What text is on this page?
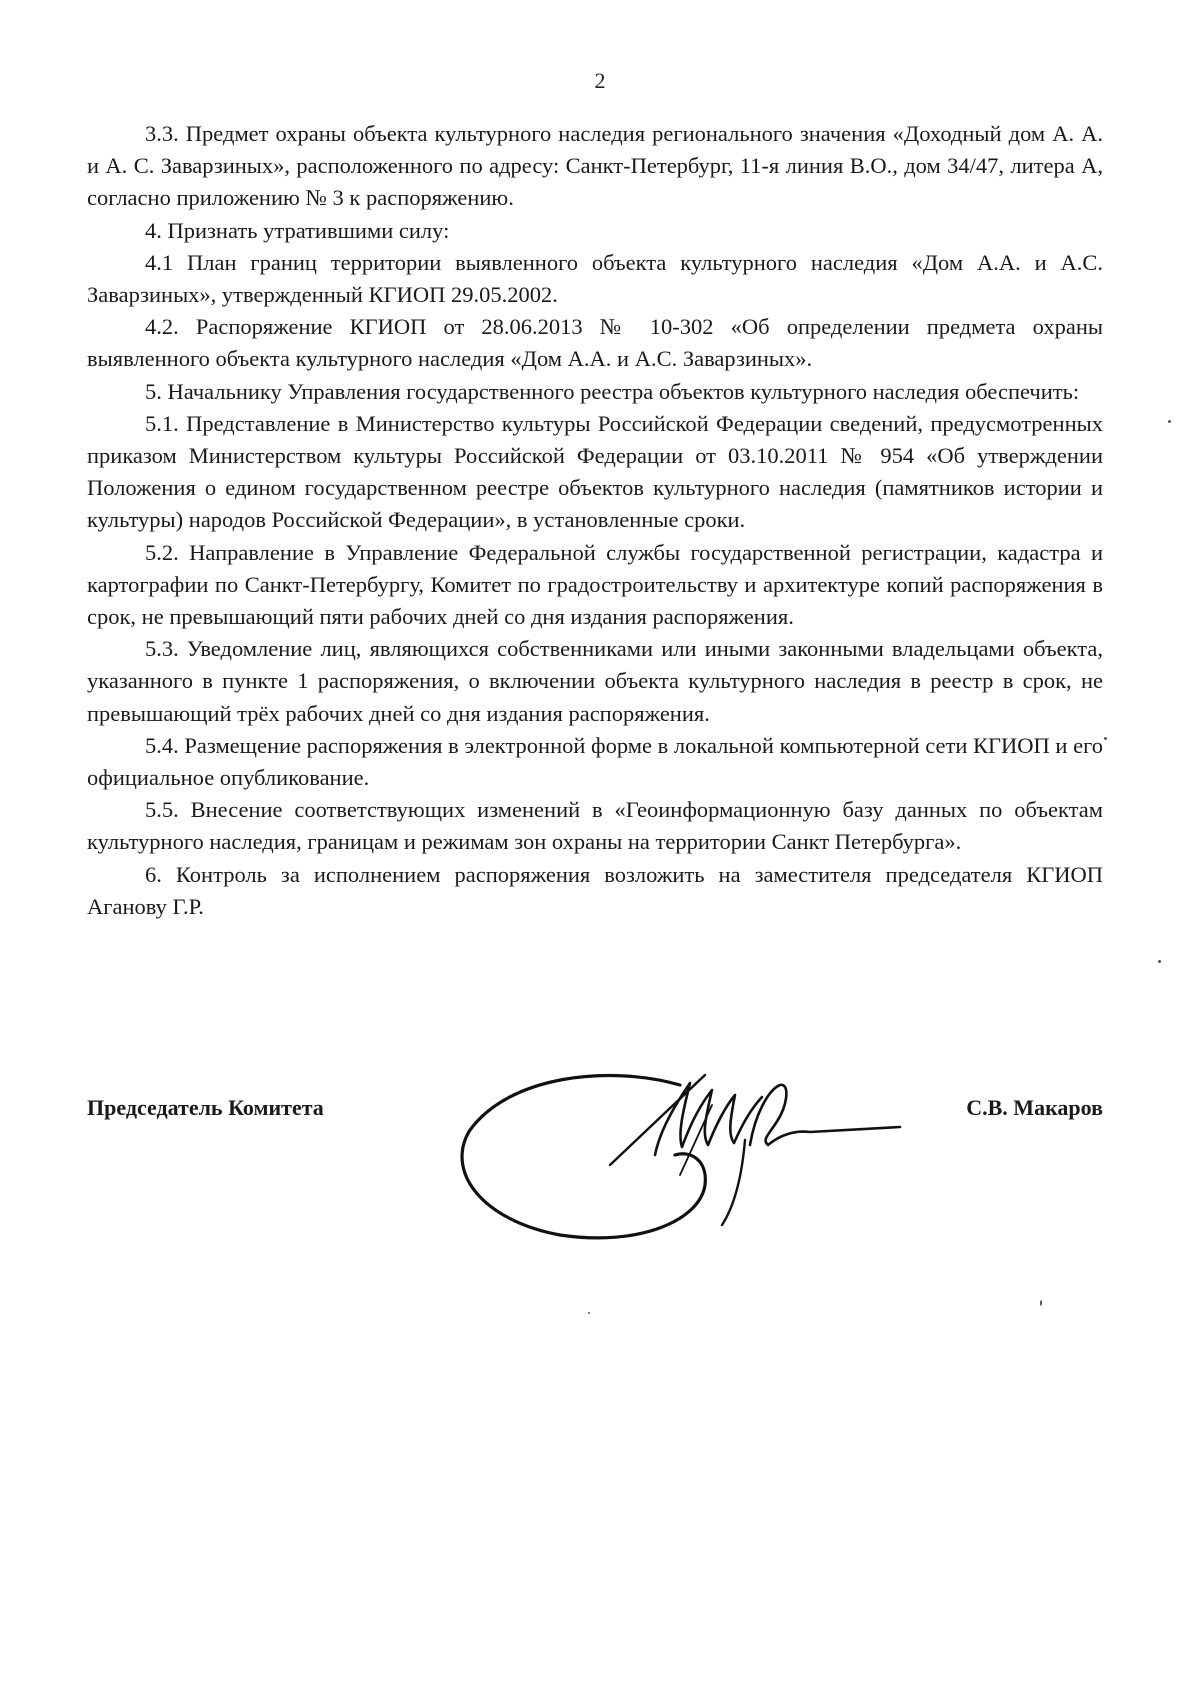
2

3.3. Предмет охраны объекта культурного наследия регионального значения «Доходный дом А. А. и А. С. Заварзиных», расположенного по адресу: Санкт-Петербург, 11-я линия В.О., дом 34/47, литера А, согласно приложению № 3 к распоряжению.

4. Признать утратившими силу:

4.1 План границ территории выявленного объекта культурного наследия «Дом А.А. и А.С. Заварзиных», утвержденный КГИОП 29.05.2002.

4.2. Распоряжение КГИОП от 28.06.2013 № 10-302 «Об определении предмета охраны выявленного объекта культурного наследия «Дом А.А. и А.С. Заварзиных».

5. Начальнику Управления государственного реестра объектов культурного наследия обеспечить:

5.1. Представление в Министерство культуры Российской Федерации сведений, предусмотренных приказом Министерством культуры Российской Федерации от 03.10.2011 № 954 «Об утверждении Положения о едином государственном реестре объектов культурного наследия (памятников истории и культуры) народов Российской Федерации», в установленные сроки.

5.2. Направление в Управление Федеральной службы государственной регистрации, кадастра и картографии по Санкт-Петербургу, Комитет по градостроительству и архитектуре копий распоряжения в срок, не превышающий пяти рабочих дней со дня издания распоряжения.

5.3. Уведомление лиц, являющихся собственниками или иными законными владельцами объекта, указанного в пункте 1 распоряжения, о включении объекта культурного наследия в реестр в срок, не превышающий трёх рабочих дней со дня издания распоряжения.

5.4. Размещение распоряжения в электронной форме в локальной компьютерной сети КГИОП и его официальное опубликование.

5.5. Внесение соответствующих изменений в «Геоинформационную базу данных по объектам культурного наследия, границам и режимам зон охраны на территории Санкт Петербурга».

6. Контроль за исполнением распоряжения возложить на заместителя председателя КГИОП Аганову Г.Р.

Председатель Комитета	С.В. Макаров
